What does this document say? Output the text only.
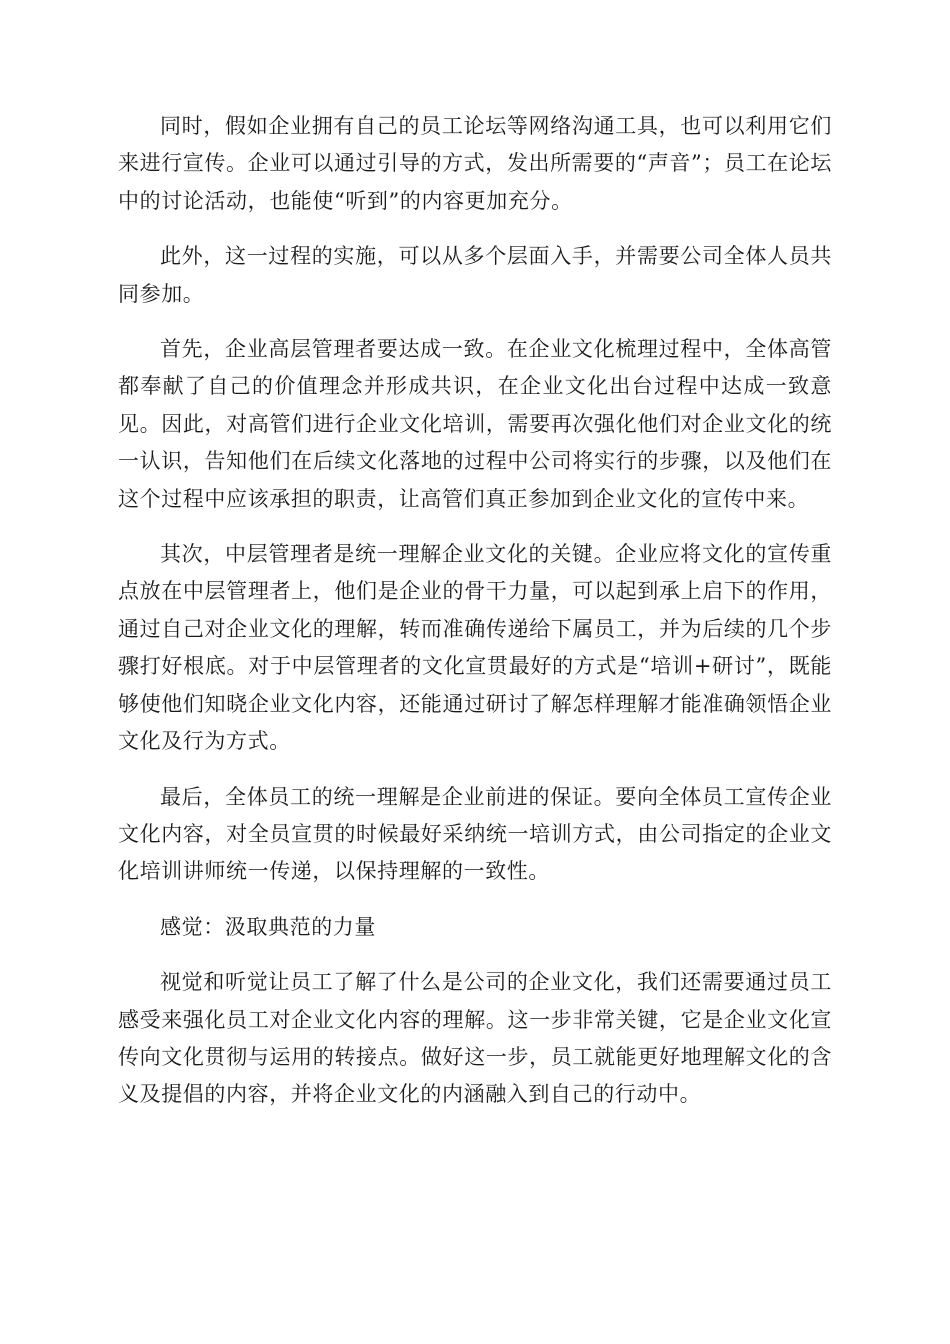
同时，假如企业拥有自己的员工论坛等网络沟通工具，也可以利用它们来进行宣传。企业可以通过引导的方式，发出所需要的“声音”；员工在论坛中的讨论活动，也能使“听到”的内容更加充分。

此外，这一过程的实施，可以从多个层面入手，并需要公司全体人员共同参加。

首先，企业高层管理者要达成一致。在企业文化梳理过程中，全体高管都奉献了自己的价值理念并形成共识，在企业文化出台过程中达成一致意见。因此，对高管们进行企业文化培训，需要再次强化他们对企业文化的统一认识，告知他们在后续文化落地的过程中公司将实行的步骤，以及他们在这个过程中应该承担的职责，让高管们真正参加到企业文化的宣传中来。

其次，中层管理者是统一理解企业文化的关键。企业应将文化的宣传重点放在中层管理者上，他们是企业的骨干力量，可以起到承上启下的作用，通过自己对企业文化的理解，转而准确传递给下属员工，并为后续的几个步骤打好根底。对于中层管理者的文化宣贯最好的方式是“培训+研讨”，既能够使他们知晓企业文化内容，还能通过研讨了解怎样理解才能准确领悟企业文化及行为方式。

最后，全体员工的统一理解是企业前进的保证。要向全体员工宣传企业文化内容，对全员宣贯的时候最好采纳统一培训方式，由公司指定的企业文化培训讲师统一传递，以保持理解的一致性。

感觉：汲取典范的力量

视觉和听觉让员工了解了什么是公司的企业文化，我们还需要通过员工感受来强化员工对企业文化内容的理解。这一步非常关键，它是企业文化宣传向文化贯彻与运用的转接点。做好这一步，员工就能更好地理解文化的含义及提倡的内容，并将企业文化的内涵融入到自己的行动中。
